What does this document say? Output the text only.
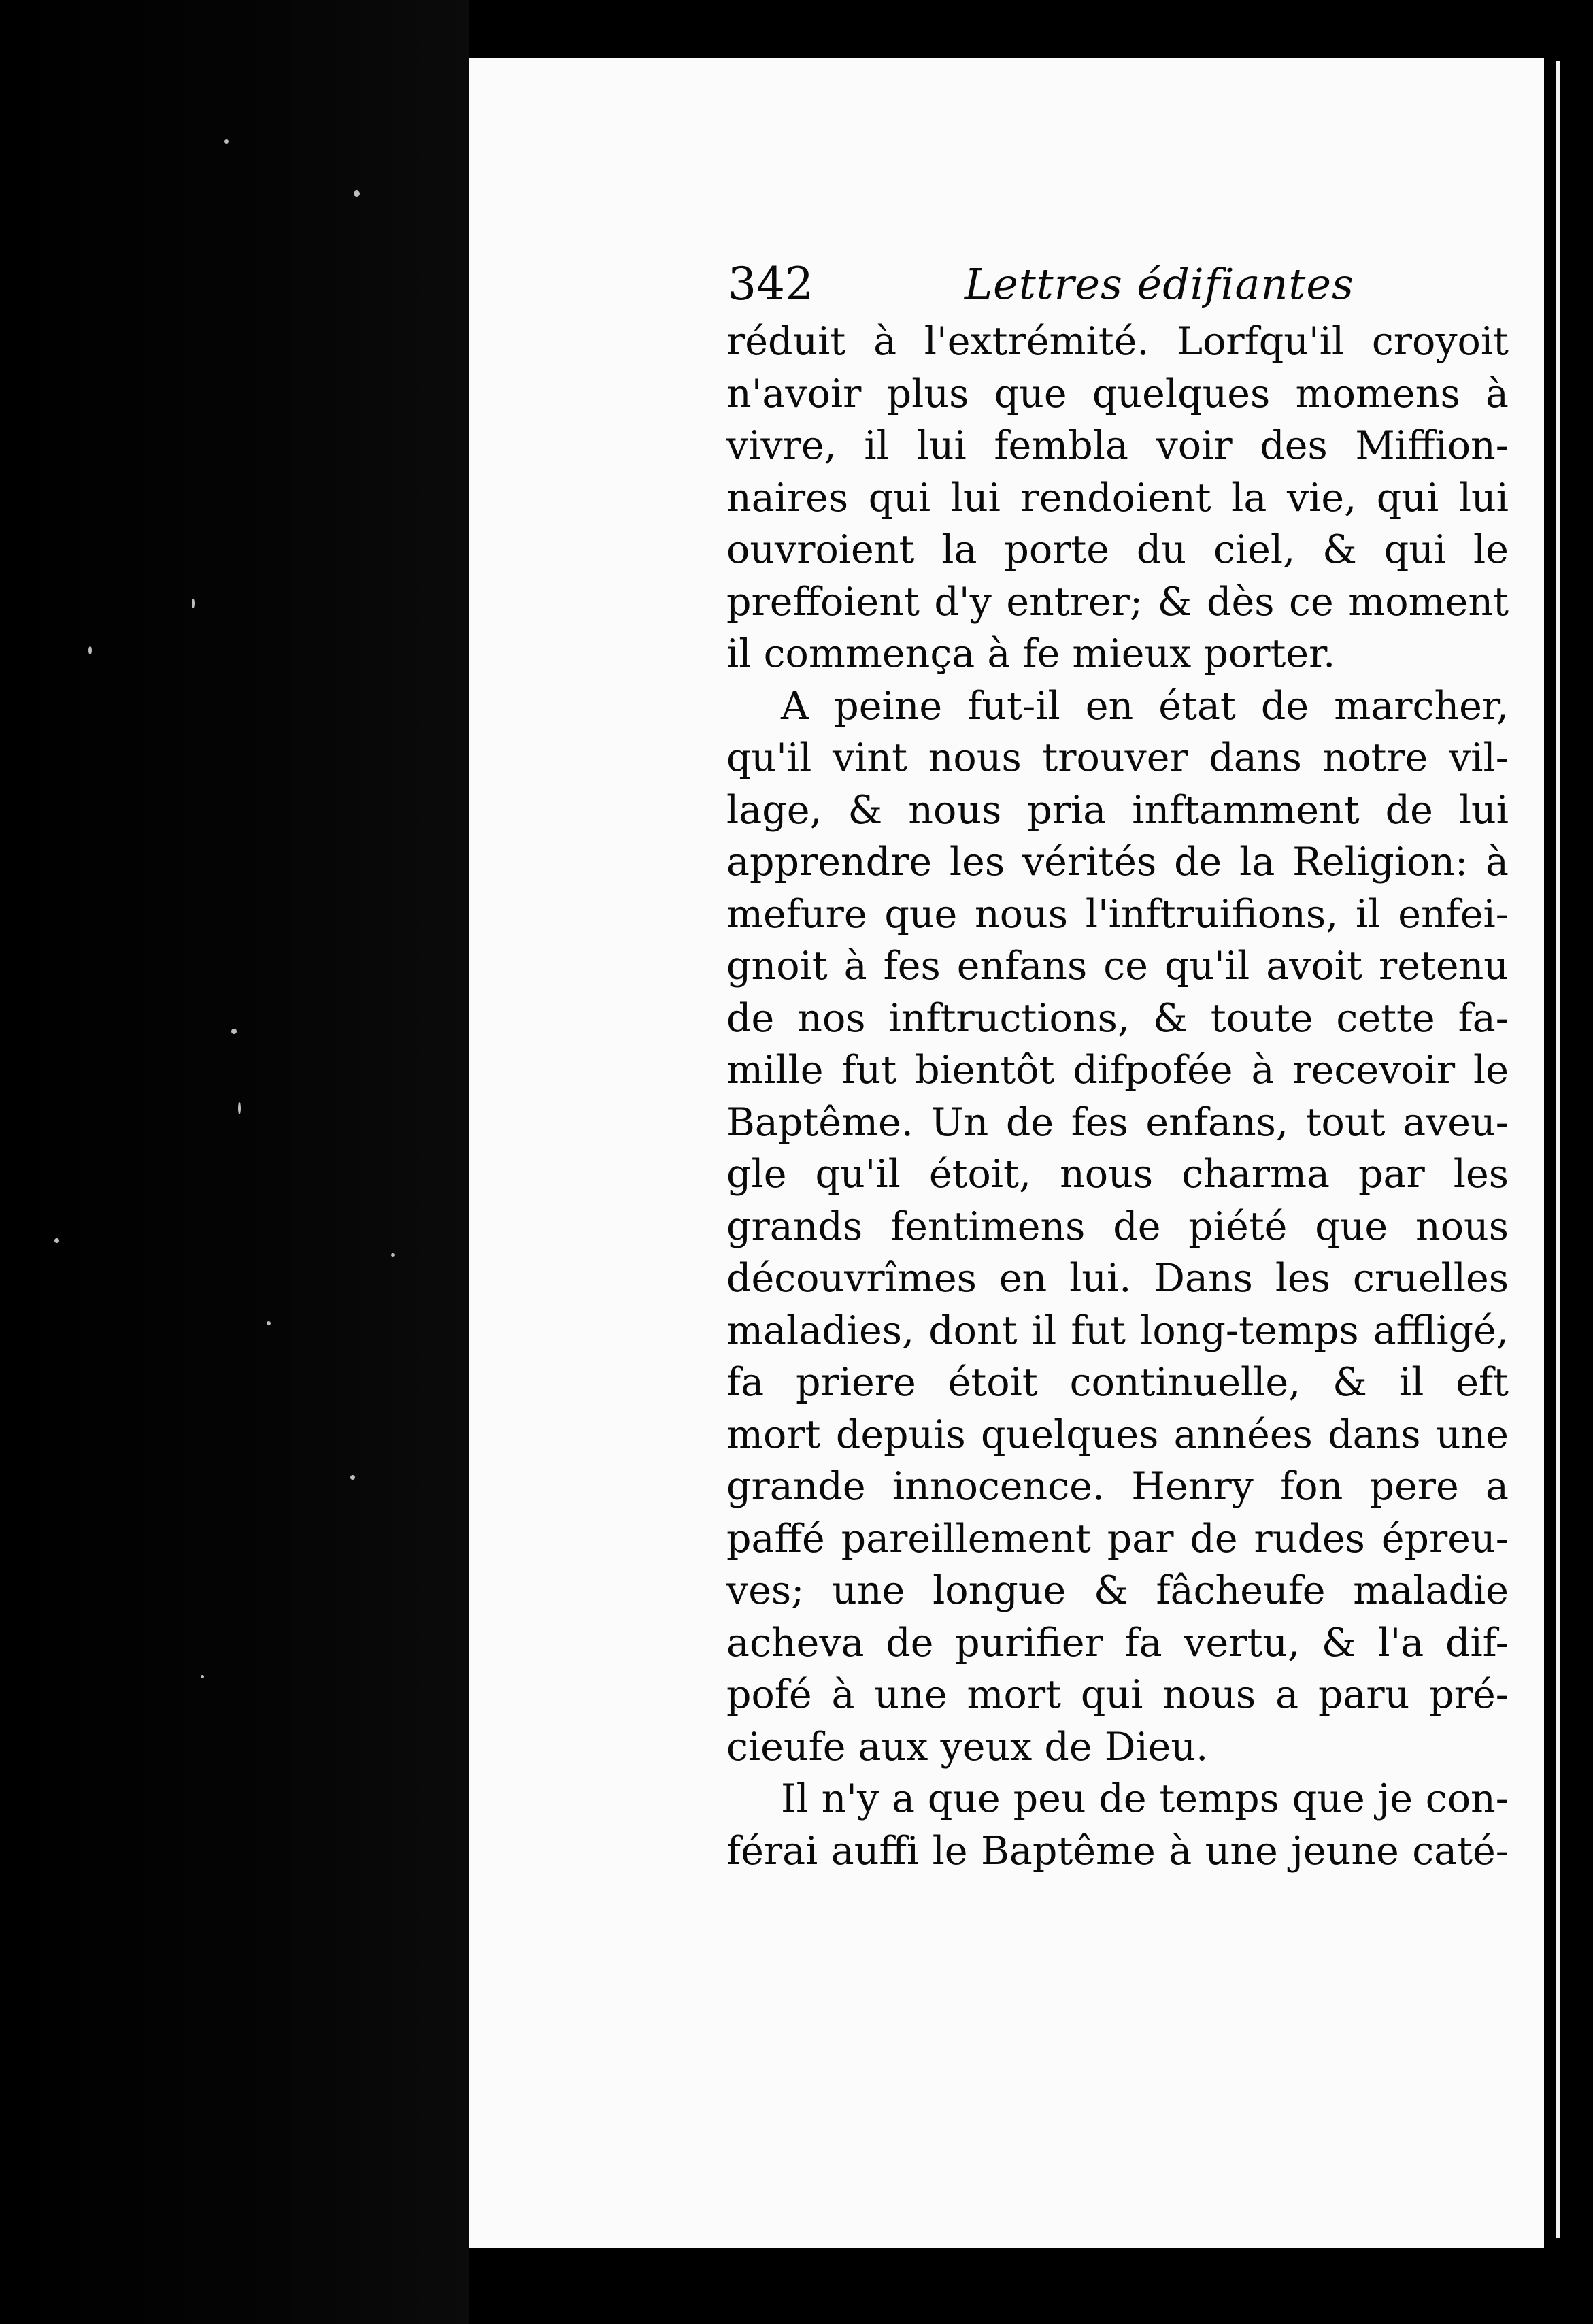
342	Lettres édifiantes
réduit à l'extrémité. Lorfqu'il croyoit
n'avoir plus que quelques momens à
vivre, il lui fembla voir des Miffion-
naires qui lui rendoient la vie, qui lui
ouvroient la porte du ciel, & qui le
preffoient d'y entrer; & dès ce moment
il commença à fe mieux porter.
A peine fut-il en état de marcher,
qu'il vint nous trouver dans notre vil-
lage, & nous pria inftamment de lui
apprendre les vérités de la Religion: à
mefure que nous l'inftruifions, il enfei-
gnoit à fes enfans ce qu'il avoit retenu
de nos inftructions, & toute cette fa-
mille fut bientôt difpofée à recevoir le
Baptême. Un de fes enfans, tout aveu-
gle qu'il étoit, nous charma par les
grands fentimens de piété que nous
découvrîmes en lui. Dans les cruelles
maladies, dont il fut long-temps affligé,
fa priere étoit continuelle, & il eft
mort depuis quelques années dans une
grande innocence. Henry fon pere a
paffé pareillement par de rudes épreu-
ves; une longue & fâcheufe maladie
acheva de purifier fa vertu, & l'a dif-
pofé à une mort qui nous a paru pré-
cieufe aux yeux de Dieu.
Il n'y a que peu de temps que je con-
férai auffi le Baptême à une jeune caté-
